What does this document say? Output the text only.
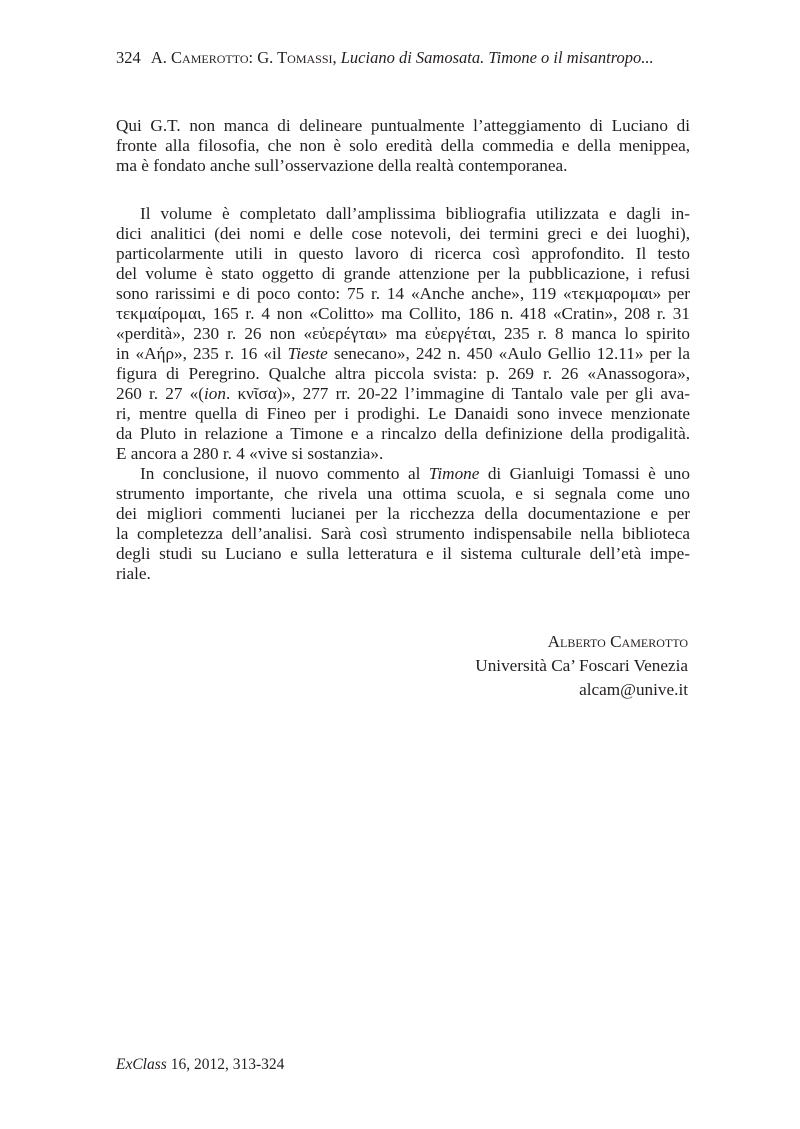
324 A. Camerotto: G. Tomassi, Luciano di Samosata. Timone o il misantropo...
Qui G.T. non manca di delineare puntualmente l’atteggiamento di Luciano di
fronte alla filosofia, che non è solo eredità della commedia e della menippea,
ma è fondato anche sull’osservazione della realtà contemporanea.
Il volume è completato dall’amplissima bibliografia utilizzata e dagli in-
dici analitici (dei nomi e delle cose notevoli, dei termini greci e dei luoghi),
particolarmente utili in questo lavoro di ricerca così approfondito. Il testo
del volume è stato oggetto di grande attenzione per la pubblicazione, i refusi
sono rarissimi e di poco conto: 75 r. 14 «Anche anche», 119 «τεκμαρομαι» per
τεκμαίρομαι, 165 r. 4 non «Colitto» ma Collito, 186 n. 418 «Cratin», 208 r. 31
«perdità», 230 r. 26 non «εὐερέγται» ma εὐεργέται, 235 r. 8 manca lo spirito
in «Aήρ», 235 r. 16 «il Tieste senecano», 242 n. 450 «Aulo Gellio 12.11» per la
figura di Peregrino. Qualche altra piccola svista: p. 269 r. 26 «Anassogora»,
260 r. 27 «(ion. κνῖσα)», 277 rr. 20-22 l’immagine di Tantalo vale per gli ava-
ri, mentre quella di Fineo per i prodighi. Le Danaidi sono invece menzionate
da Pluto in relazione a Timone e a rincalzo della definizione della prodigalità.
E ancora a 280 r. 4 «vive si sostanzia».
In conclusione, il nuovo commento al Timone di Gianluigi Tomassi è uno
strumento importante, che rivela una ottima scuola, e si segnala come uno
dei migliori commenti lucianei per la ricchezza della documentazione e per
la completezza dell’analisi. Sarà così strumento indispensabile nella biblioteca
degli studi su Luciano e sulla letteratura e il sistema culturale dell’età impe-
riale.
Alberto Camerotto
Università Ca’ Foscari Venezia
alcam@unive.it
ExClass 16, 2012, 313-324
